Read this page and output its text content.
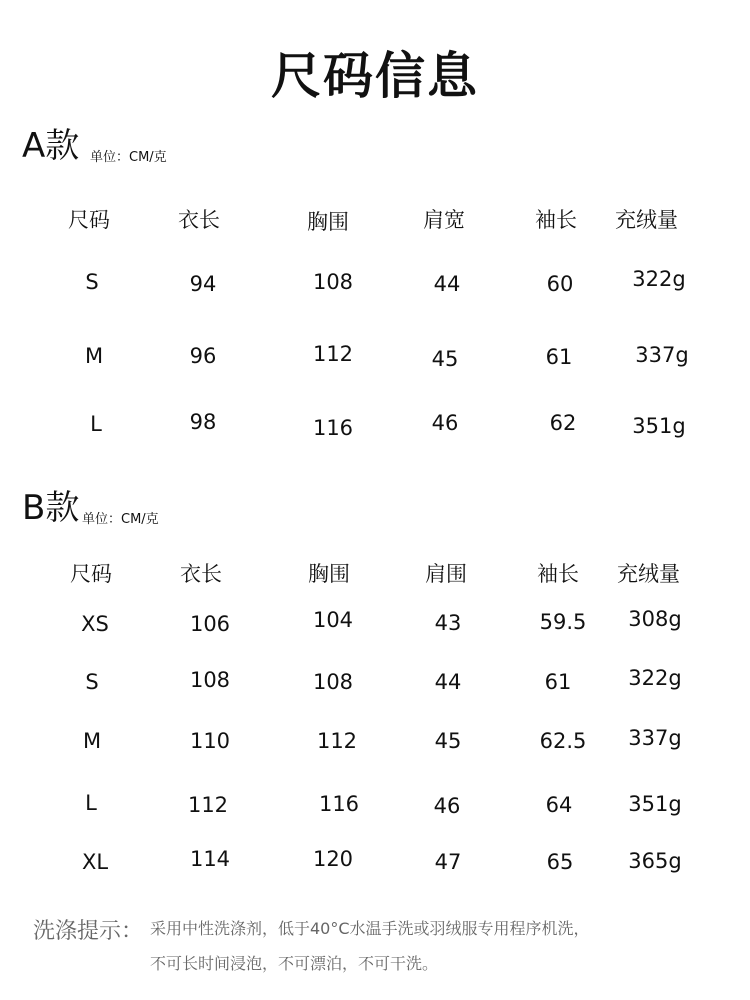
尺码信息
A款 单位：CM/克
尺码	衣长	胸围	肩宽	袖长 充绒量
S	94	108	44	60	322g
M	96	112	45	61	337g
L	98	116	46	62	351g
B款 单位：CM/克
尺码	衣长	胸围	肩围	袖长 充绒量
XS	106	104	43	59.5	308g
S	108	108	44	61	322g
M	110	112	45	62.5	337g
L	112	116	46	64	351g
XL	114	120	47	65	365g
洗涤提示： 采用中性洗涤剂，低于40°C水温手洗或羽绒服专用程序机洗，
不可长时间浸泡，不可漂泊，不可干洗。
